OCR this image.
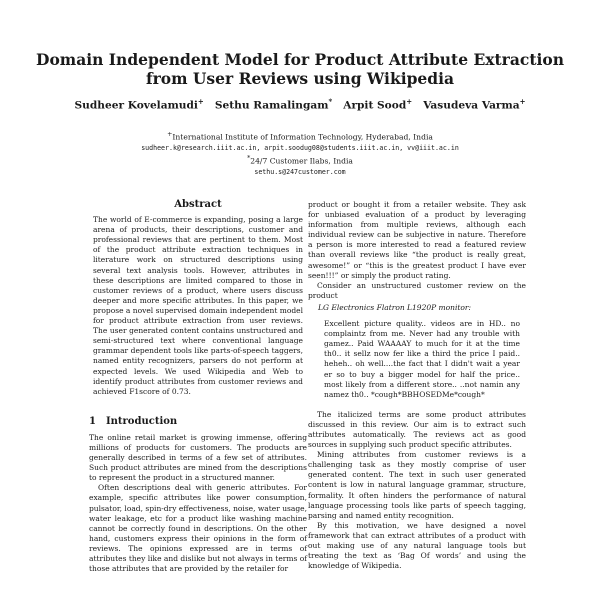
Domain Independent Model for Product Attribute Extraction
from User Reviews using Wikipedia
Sudheer Kovelamudi+ Sethu Ramalingam* Arpit Sood+ Vasudeva Varma+
+International Institute of Information Technology, Hyderabad, India
sudheer.k@research.iiit.ac.in, arpit.soodug08@students.iiit.ac.in, vv@iiit.ac.in
*24/7 Customer Ilabs, India
sethu.s@247customer.com
Abstract

The world of E-commerce is expanding, posing a large arena of products, their descriptions, customer and professional reviews that are pertinent to them. Most of the product attribute extraction techniques in literature work on structured descriptions using several text analysis tools. However, attributes in these descriptions are limited compared to those in customer reviews of a product, where users discuss deeper and more specific attributes. In this paper, we propose a novel supervised domain independent model for product attribute extraction from user reviews. The user generated content contains unstructured and semi-structured text where conventional language grammar dependent tools like parts-of-speech taggers, named entity recognizers, parsers do not perform at expected levels. We used Wikipedia and Web to identify product attributes from customer reviews and achieved F1score of 0.73.

1 Introduction

The online retail market is growing immense, offering millions of products for customers. The products are generally described in terms of a few set of attributes. Such product attributes are mined from the descriptions to represent the product in a structured manner.

Often descriptions deal with generic attributes. For example, specific attributes like power consumption, pulsator, load, spin-dry effectiveness, noise, water usage, water leakage, etc for a product like washing machine cannot be correctly found in descriptions. On the other hand, customers express their opinions in the form of reviews. The opinions expressed are in terms of attributes they like and dislike but not always in terms of those attributes that are provided by the retailer for

product or bought it from a retailer website. They ask for unbiased evaluation of a product by leveraging information from multiple reviews, although each individual review can be subjective in nature. Therefore a person is more interested to read a featured review than overall reviews like “the product is really great, awesome!” or “this is the greatest product I have ever seen!!!” or simply the product rating.

Consider an unstructured customer review on the product

LG Electronics Flatron L1920P monitor:
Excellent picture quality.. videos are in HD.. no complaintz from me. Never had any trouble with gamez.. Paid WAAAAY to much for it at the time th0.. it sellz now fer like a third the price I paid.. heheh.. oh well....the fact that I didn't wait a year er so to buy a bigger model for half the price.. most likely from a different store.. ..not namin any namez th0.. *cough*BBHOSEDMe*cough*

The italicized terms are some product attributes discussed in this review. Our aim is to extract such attributes automatically. The reviews act as good sources in supplying such product specific attributes.

Mining attributes from customer reviews is a challenging task as they mostly comprise of user generated content. The text in such user generated content is low in natural language grammar, structure, formality. It often hinders the performance of natural language processing tools like parts of speech tagging, parsing and named entity recognition.

By this motivation, we have designed a novel framework that can extract attributes of a product with out making use of any natural language tools but treating the text as ‘Bag Of words’ and using the knowledge of Wikipedia.
